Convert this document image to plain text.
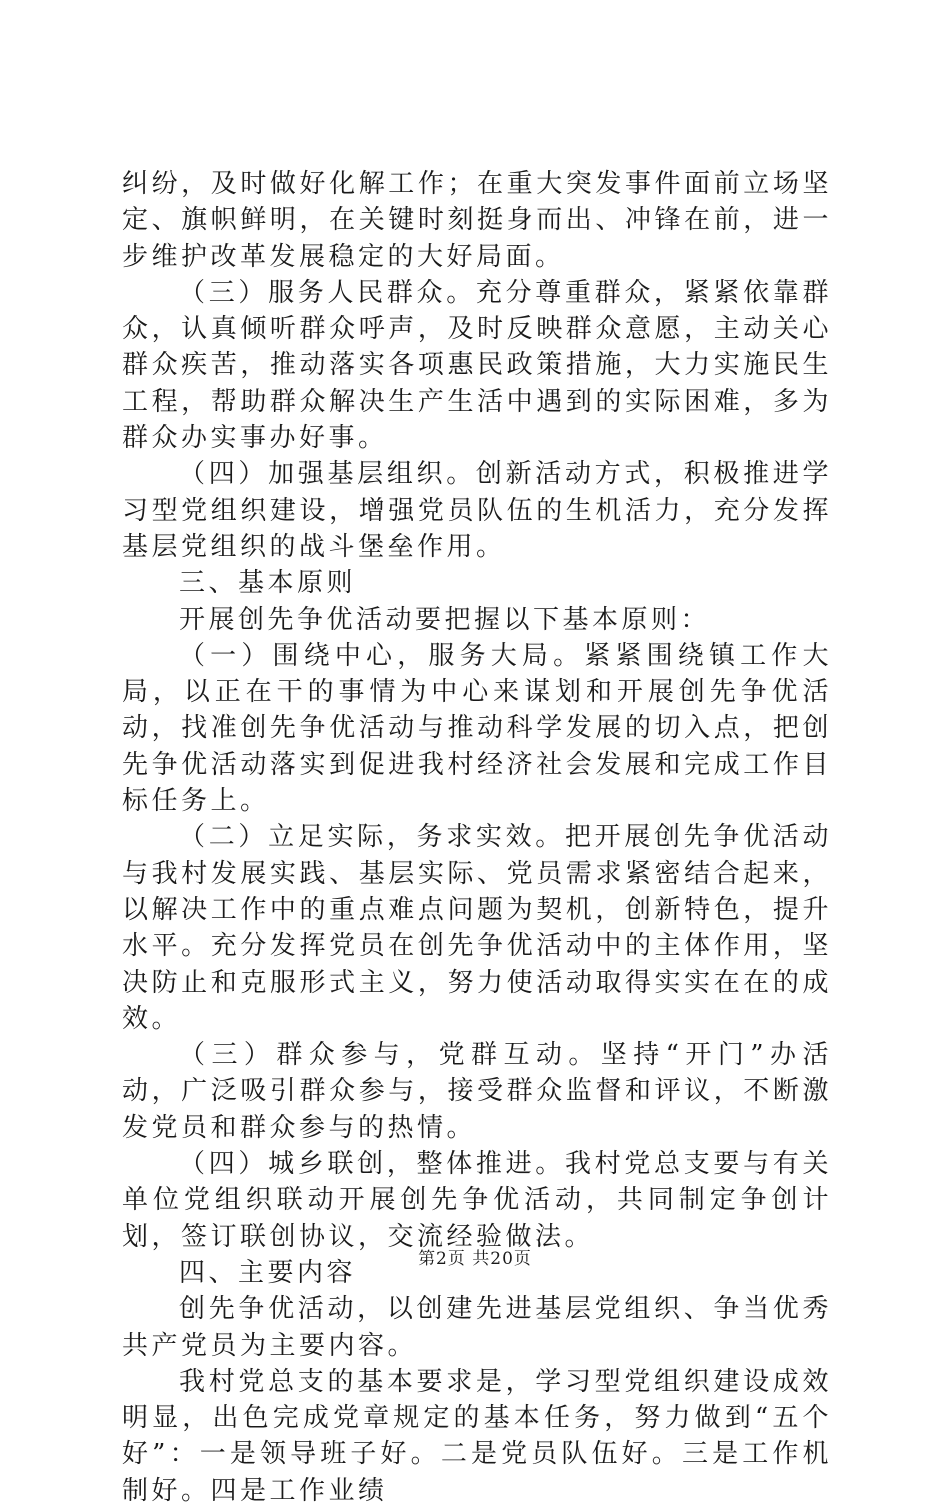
纠纷，及时做好化解工作；在重大突发事件面前立场坚定、旗帜鲜明，在关键时刻挺身而出、冲锋在前，进一步维护改革发展稳定的大好局面。

（三）服务人民群众。充分尊重群众，紧紧依靠群众，认真倾听群众呼声，及时反映群众意愿，主动关心群众疾苦，推动落实各项惠民政策措施，大力实施民生工程，帮助群众解决生产生活中遇到的实际困难，多为群众办实事办好事。

（四）加强基层组织。创新活动方式，积极推进学习型党组织建设，增强党员队伍的生机活力，充分发挥基层党组织的战斗堡垒作用。

三、基本原则

开展创先争优活动要把握以下基本原则：

（一）围绕中心，服务大局。紧紧围绕镇工作大局，以正在干的事情为中心来谋划和开展创先争优活动，找准创先争优活动与推动科学发展的切入点，把创先争优活动落实到促进我村经济社会发展和完成工作目标任务上。

（二）立足实际，务求实效。把开展创先争优活动与我村发展实践、基层实际、党员需求紧密结合起来，以解决工作中的重点难点问题为契机，创新特色，提升水平。充分发挥党员在创先争优活动中的主体作用，坚决防止和克服形式主义，努力使活动取得实实在在的成效。

（三）群众参与，党群互动。坚持“开门”办活动，广泛吸引群众参与，接受群众监督和评议，不断激发党员和群众参与的热情。

（四）城乡联创，整体推进。我村党总支要与有关单位党组织联动开展创先争优活动，共同制定争创计划，签订联创协议，交流经验做法。

四、主要内容

创先争优活动，以创建先进基层党组织、争当优秀共产党员为主要内容。

我村党总支的基本要求是，学习型党组织建设成效明显，出色完成党章规定的基本任务，努力做到“五个好”：一是领导班子好。二是党员队伍好。三是工作机制好。四是工作业绩

第2页 共20页
